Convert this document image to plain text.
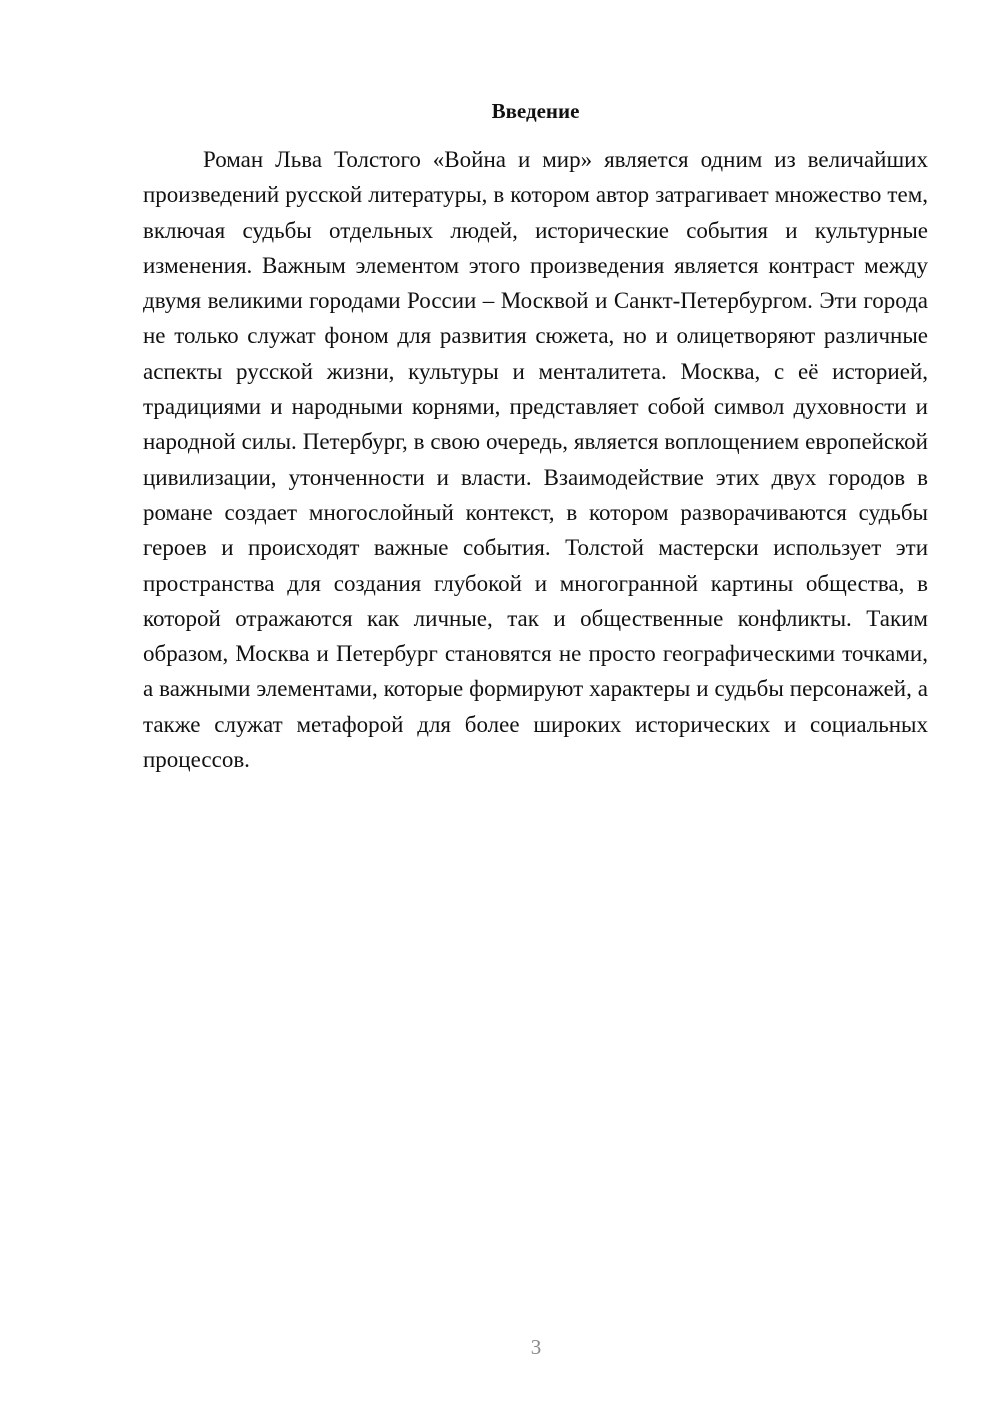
Введение

Роман Льва Толстого «Война и мир» является одним из величайших произведений русской литературы, в котором автор затрагивает множество тем, включая судьбы отдельных людей, исторические события и культурные изменения. Важным элементом этого произведения является контраст между двумя великими городами России – Москвой и Санкт-Петербургом. Эти города не только служат фоном для развития сюжета, но и олицетворяют различные аспекты русской жизни, культуры и менталитета. Москва, с её историей, традициями и народными корнями, представляет собой символ духовности и народной силы. Петербург, в свою очередь, является воплощением европейской цивилизации, утонченности и власти. Взаимодействие этих двух городов в романе создает многослойный контекст, в котором разворачиваются судьбы героев и происходят важные события. Толстой мастерски использует эти пространства для создания глубокой и многогранной картины общества, в которой отражаются как личные, так и общественные конфликты. Таким образом, Москва и Петербург становятся не просто географическими точками, а важными элементами, которые формируют характеры и судьбы персонажей, а также служат метафорой для более широких исторических и социальных процессов.

3
